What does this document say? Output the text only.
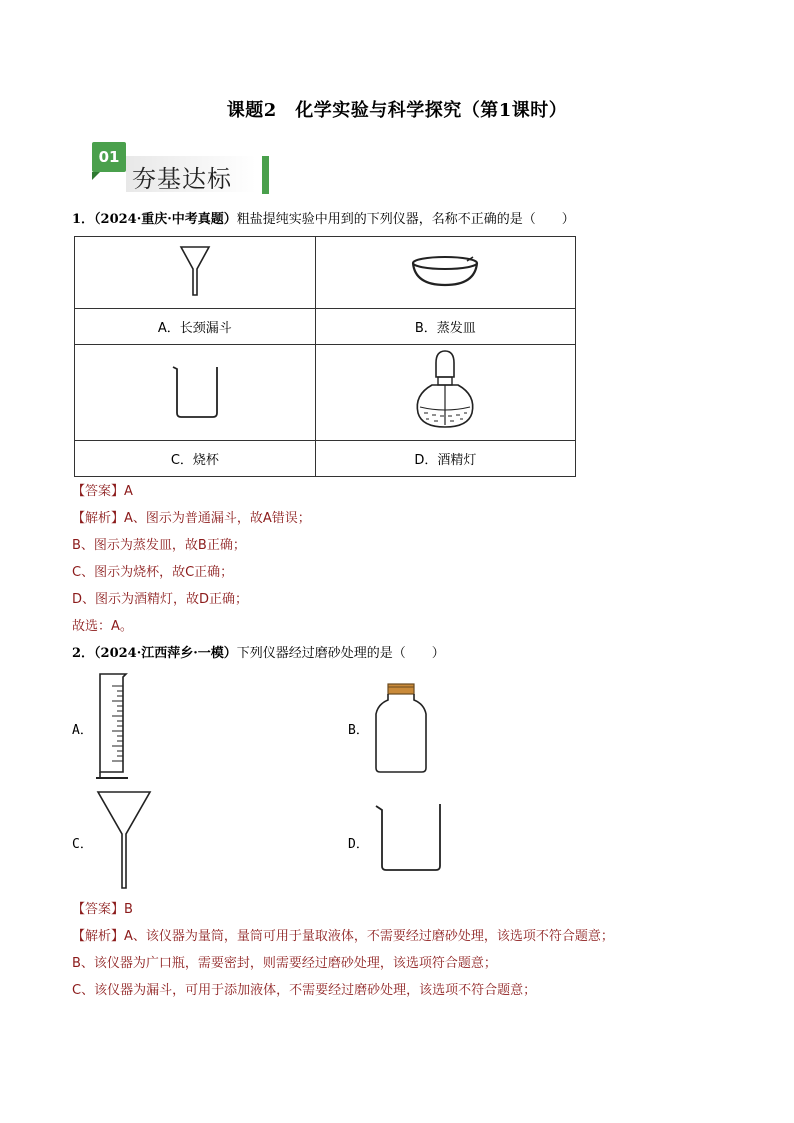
课题2　化学实验与科学探究（第1课时）
01
夯基达标
1．（2024·重庆·中考真题）粗盐提纯实验中用到的下列仪器，名称不正确的是（　　）

A．长颈漏斗	B．蒸发皿

C．烧杯	D．酒精灯
【答案】A
【解析】A、图示为普通漏斗，故A错误；
B、图示为蒸发皿，故B正确；
C、图示为烧杯，故C正确；
D、图示为酒精灯，故D正确；
故选：A。
2．（2024·江西萍乡·一模）下列仪器经过磨砂处理的是（　　）
A．	B．
C．	D．
【答案】B
【解析】A、该仪器为量筒，量筒可用于量取液体，不需要经过磨砂处理，该选项不符合题意；
B、该仪器为广口瓶，需要密封，则需要经过磨砂处理，该选项符合题意；
C、该仪器为漏斗，可用于添加液体，不需要经过磨砂处理，该选项不符合题意；
